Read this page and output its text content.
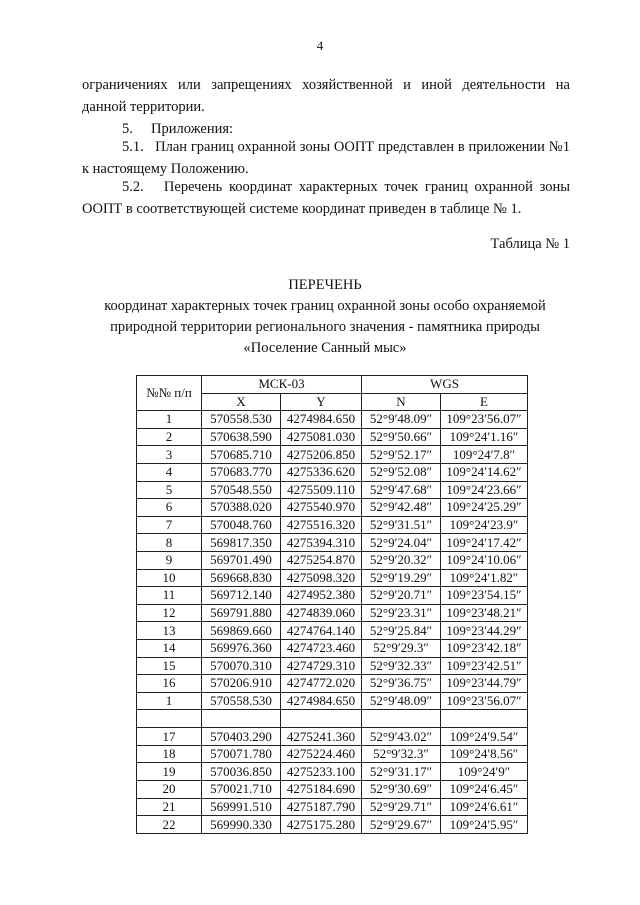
4
ограничениях или запрещениях хозяйственной и иной деятельности на данной территории.
5.     Приложения:
5.1.   План границ охранной зоны ООПТ представлен в приложении №1 к настоящему Положению.
5.2.   Перечень координат характерных точек границ охранной зоны ООПТ в соответствующей системе координат приведен в таблице № 1.
Таблица № 1
ПЕРЕЧЕНЬ
координат характерных точек границ охранной зоны особо охраняемой
природной территории регионального значения - памятника природы
«Поселение Санный мыс»
№№ п/п	МСК-03		WGS	
	X	Y	N	E
1	570558.530	4274984.650	52°9′48.09″	109°23′56.07″
2	570638.590	4275081.030	52°9′50.66″	109°24′1.16″
3	570685.710	4275206.850	52°9′52.17″	109°24′7.8″
4	570683.770	4275336.620	52°9′52.08″	109°24′14.62″
5	570548.550	4275509.110	52°9′47.68″	109°24′23.66″
6	570388.020	4275540.970	52°9′42.48″	109°24′25.29″
7	570048.760	4275516.320	52°9′31.51″	109°24′23.9″
8	569817.350	4275394.310	52°9′24.04″	109°24′17.42″
9	569701.490	4275254.870	52°9′20.32″	109°24′10.06″
10	569668.830	4275098.320	52°9′19.29″	109°24′1.82″
11	569712.140	4274952.380	52°9′20.71″	109°23′54.15″
12	569791.880	4274839.060	52°9′23.31″	109°23′48.21″
13	569869.660	4274764.140	52°9′25.84″	109°23′44.29″
14	569976.360	4274723.460	52°9′29.3″	109°23′42.18″
15	570070.310	4274729.310	52°9′32.33″	109°23′42.51″
16	570206.910	4274772.020	52°9′36.75″	109°23′44.79″
1	570558.530	4274984.650	52°9′48.09″	109°23′56.07″

17	570403.290	4275241.360	52°9′43.02″	109°24′9.54″
18	570071.780	4275224.460	52°9′32.3″	109°24′8.56″
19	570036.850	4275233.100	52°9′31.17″	109°24′9″
20	570021.710	4275184.690	52°9′30.69″	109°24′6.45″
21	569991.510	4275187.790	52°9′29.71″	109°24′6.61″
22	569990.330	4275175.280	52°9′29.67″	109°24′5.95″
